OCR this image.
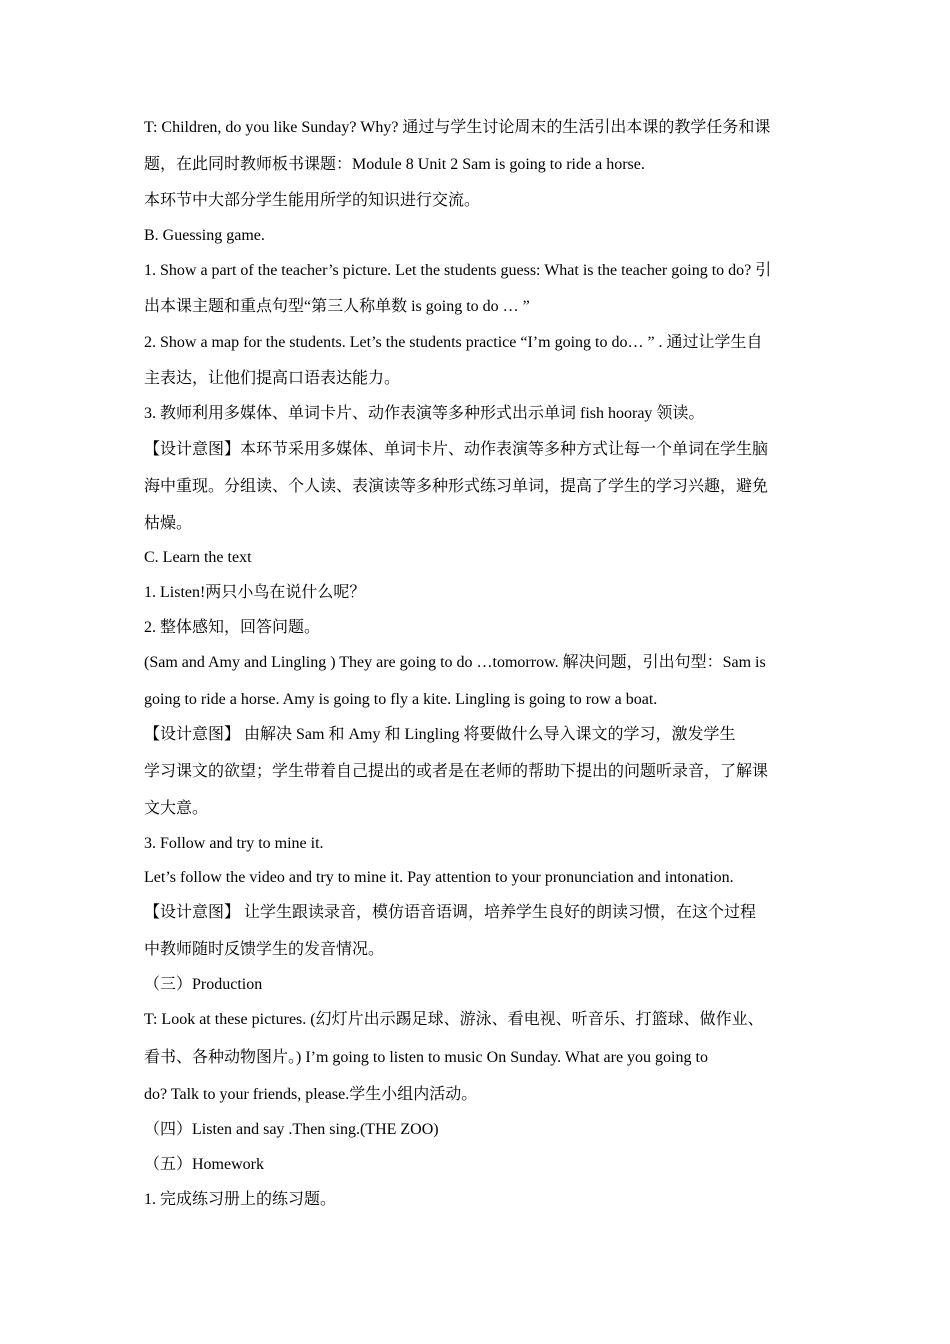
T: Children, do you like Sunday? Why? 通过与学生讨论周末的生活引出本课的教学任务和课
题，在此同时教师板书课题：Module 8 Unit 2 Sam is going to ride a horse.
本环节中大部分学生能用所学的知识进行交流。
B. Guessing game.
1. Show a part of the teacher’s picture. Let the students guess: What is the teacher going to do? 引
出本课主题和重点句型“第三人称单数 is going to do … ”
2. Show a map for the students. Let’s the students practice “I’m going to do… ” . 通过让学生自
主表达，让他们提高口语表达能力。
3. 教师利用多媒体、单词卡片、动作表演等多种形式出示单词 fish hooray 领读。
【设计意图】本环节采用多媒体、单词卡片、动作表演等多种方式让每一个单词在学生脑
海中重现。分组读、个人读、表演读等多种形式练习单词，提高了学生的学习兴趣，避免
枯燥。
C. Learn the text
1. Listen!两只小鸟在说什么呢？
2. 整体感知，回答问题。
(Sam and Amy and Lingling ) They are going to do …tomorrow. 解决问题，引出句型：Sam is
going to ride a horse. Amy is going to fly a kite. Lingling is going to row a boat.
【设计意图】 由解决 Sam 和 Amy 和 Lingling 将要做什么导入课文的学习，激发学生
学习课文的欲望；学生带着自己提出的或者是在老师的帮助下提出的问题听录音，了解课
文大意。
3. Follow and try to mine it.
Let’s follow the video and try to mine it. Pay attention to your pronunciation and intonation.
【设计意图】 让学生跟读录音，模仿语音语调，培养学生良好的朗读习惯，在这个过程
中教师随时反馈学生的发音情况。
（三）Production
T: Look at these pictures. (幻灯片出示踢足球、游泳、看电视、听音乐、打篮球、做作业、
看书、各种动物图片。) I’m going to listen to music On Sunday. What are you going to
do? Talk to your friends, please.学生小组内活动。
（四）Listen and say .Then sing.(THE ZOO)
（五）Homework
1. 完成练习册上的练习题。
